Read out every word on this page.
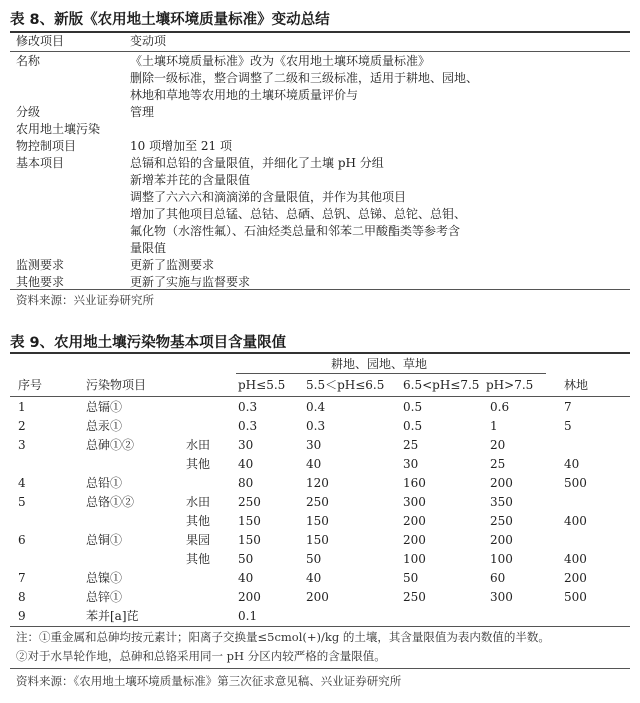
表 8、新版《农用地土壤环境质量标准》变动总结
修改项目	变动项
名称	《土壤环境质量标准》改为《农用地土壤环境质量标准》
删除一级标准，整合调整了二级和三级标准，适用于耕地、园地、
林地和草地等农用地的土壤环境质量评价与
分级	管理
农用地土壤污染
物控制项目	10 项增加至 21 项
基本项目	总镉和总铅的含量限值，并细化了土壤 pH 分组
新增苯并芘的含量限值
调整了六六六和滴滴涕的含量限值，并作为其他项目
增加了其他项目总锰、总钴、总硒、总钒、总锑、总铊、总钼、
氟化物（水溶性氟）、石油烃类总量和邻苯二甲酸酯类等参考含
量限值
监测要求	更新了监测要求
其他要求	更新了实施与监督要求
资料来源：兴业证券研究所
表 9、农用地土壤污染物基本项目含量限值
耕地、园地、草地
序号	污染物项目	pH≤5.5 5.5＜pH≤6.5 6.5<pH≤7.5 pH>7.5	林地
1	总镉①	0.3	0.4	0.5	0.6	7
2	总汞①	0.3	0.3	0.5	1	5
3	总砷①②	水田 30	30	25	20
其他 40	40	30	25	40
4	总铅①	80	120	160	200	500
5	总铬①②	水田 250	250	300	350
其他 150	150	200	250	400
6	总铜①	果园 150	150	200	200
其他 50	50	100	100	400
7	总镍①	40	40	50	60	200
8	总锌①	200	200	250	300	500
9	苯并[a]芘	0.1
注：①重金属和总砷均按元素计；阳离子交换量≤5cmol(+)/kg 的土壤，其含量限值为表内数值的半数。
②对于水旱轮作地，总砷和总铬采用同一 pH 分区内较严格的含量限值。
资料来源：《农用地土壤环境质量标准》第三次征求意见稿、兴业证券研究所
